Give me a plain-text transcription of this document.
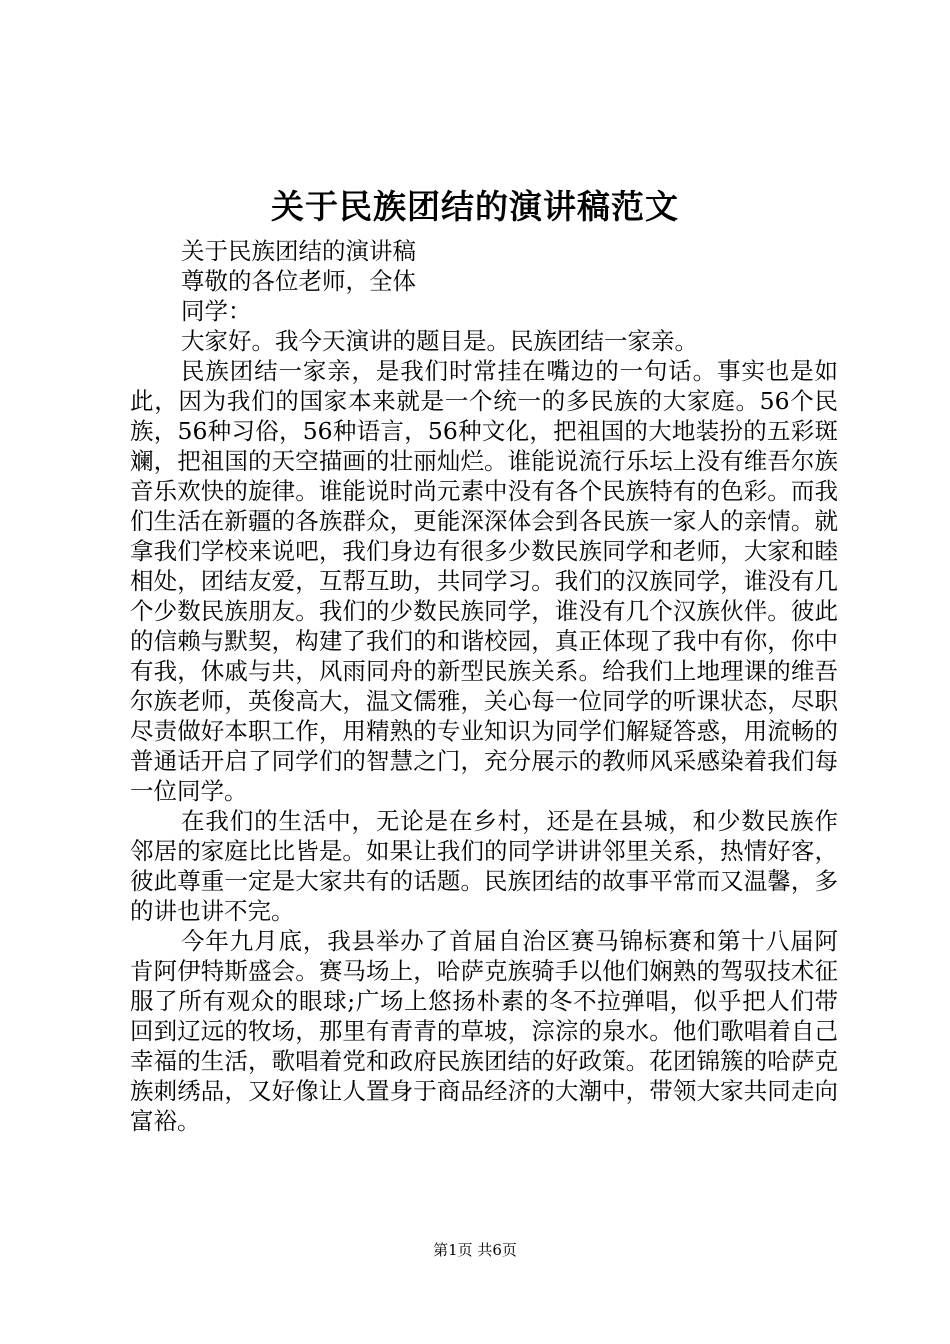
关于民族团结的演讲稿范文
关于民族团结的演讲稿
尊敬的各位老师，全体
同学：
大家好。我今天演讲的题目是。民族团结一家亲。
民族团结一家亲，是我们时常挂在嘴边的一句话。事实也是如此，因为我们的国家本来就是一个统一的多民族的大家庭。56个民族，56种习俗，56种语言，56种文化，把祖国的大地装扮的五彩斑斓，把祖国的天空描画的壮丽灿烂。谁能说流行乐坛上没有维吾尔族音乐欢快的旋律。谁能说时尚元素中没有各个民族特有的色彩。而我们生活在新疆的各族群众，更能深深体会到各民族一家人的亲情。就拿我们学校来说吧，我们身边有很多少数民族同学和老师，大家和睦相处，团结友爱，互帮互助，共同学习。我们的汉族同学，谁没有几个少数民族朋友。我们的少数民族同学，谁没有几个汉族伙伴。彼此的信赖与默契，构建了我们的和谐校园，真正体现了我中有你，你中有我，休戚与共，风雨同舟的新型民族关系。给我们上地理课的维吾尔族老师，英俊高大，温文儒雅，关心每一位同学的听课状态，尽职尽责做好本职工作，用精熟的专业知识为同学们解疑答惑，用流畅的普通话开启了同学们的智慧之门，充分展示的教师风采感染着我们每一位同学。
在我们的生活中，无论是在乡村，还是在县城，和少数民族作邻居的家庭比比皆是。如果让我们的同学讲讲邻里关系，热情好客，彼此尊重一定是大家共有的话题。民族团结的故事平常而又温馨，多的讲也讲不完。
今年九月底，我县举办了首届自治区赛马锦标赛和第十八届阿肯阿伊特斯盛会。赛马场上，哈萨克族骑手以他们娴熟的驾驭技术征服了所有观众的眼球;广场上悠扬朴素的冬不拉弹唱，似乎把人们带回到辽远的牧场，那里有青青的草坡，淙淙的泉水。他们歌唱着自己幸福的生活，歌唱着党和政府民族团结的好政策。花团锦簇的哈萨克族刺绣品，又好像让人置身于商品经济的大潮中，带领大家共同走向富裕。
第1页 共6页
